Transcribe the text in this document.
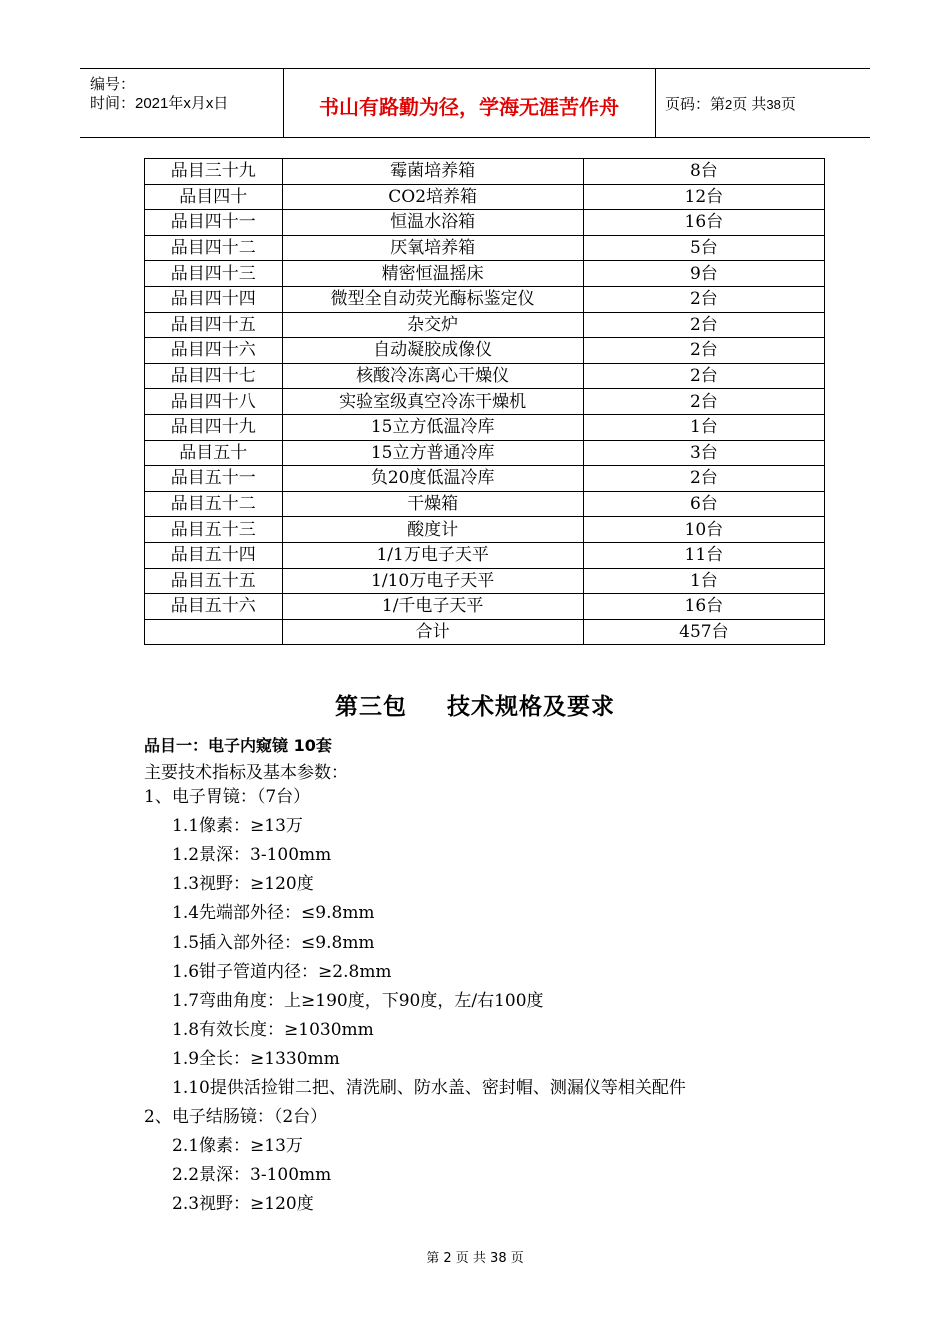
编号：
时间：2021年x月x日	书山有路勤为径，学海无涯苦作舟	页码：第2页 共38页
品目三十九	霉菌培养箱	8台
品目四十	CO2培养箱	12台
品目四十一	恒温水浴箱	16台
品目四十二	厌氧培养箱	5台
品目四十三	精密恒温摇床	9台
品目四十四	微型全自动荧光酶标鉴定仪	2台
品目四十五	杂交炉	2台
品目四十六	自动凝胶成像仪	2台
品目四十七	核酸冷冻离心干燥仪	2台
品目四十八	实验室级真空冷冻干燥机	2台
品目四十九	15立方低温冷库	1台
品目五十	15立方普通冷库	3台
品目五十一	负20度低温冷库	2台
品目五十二	干燥箱	6台
品目五十三	酸度计	10台
品目五十四	1/1万电子天平	11台
品目五十五	1/10万电子天平	1台
品目五十六	1/千电子天平	16台
	合计	457台
第三包 技术规格及要求
品目一：电子内窥镜 10套
主要技术指标及基本参数：
1、电子胃镜：（7台）
1.1像素：≥13万
1.2景深：3-100mm
1.3视野：≥120度
1.4先端部外径：≤9.8mm
1.5插入部外径：≤9.8mm
1.6钳子管道内径：≥2.8mm
1.7弯曲角度：上≥190度，下90度，左/右100度
1.8有效长度：≥1030mm
1.9全长：≥1330mm
1.10提供活捡钳二把、清洗刷、防水盖、密封帽、测漏仪等相关配件
2、电子结肠镜：（2台）
2.1像素：≥13万
2.2景深：3-100mm
2.3视野：≥120度
第 2 页 共 38 页
